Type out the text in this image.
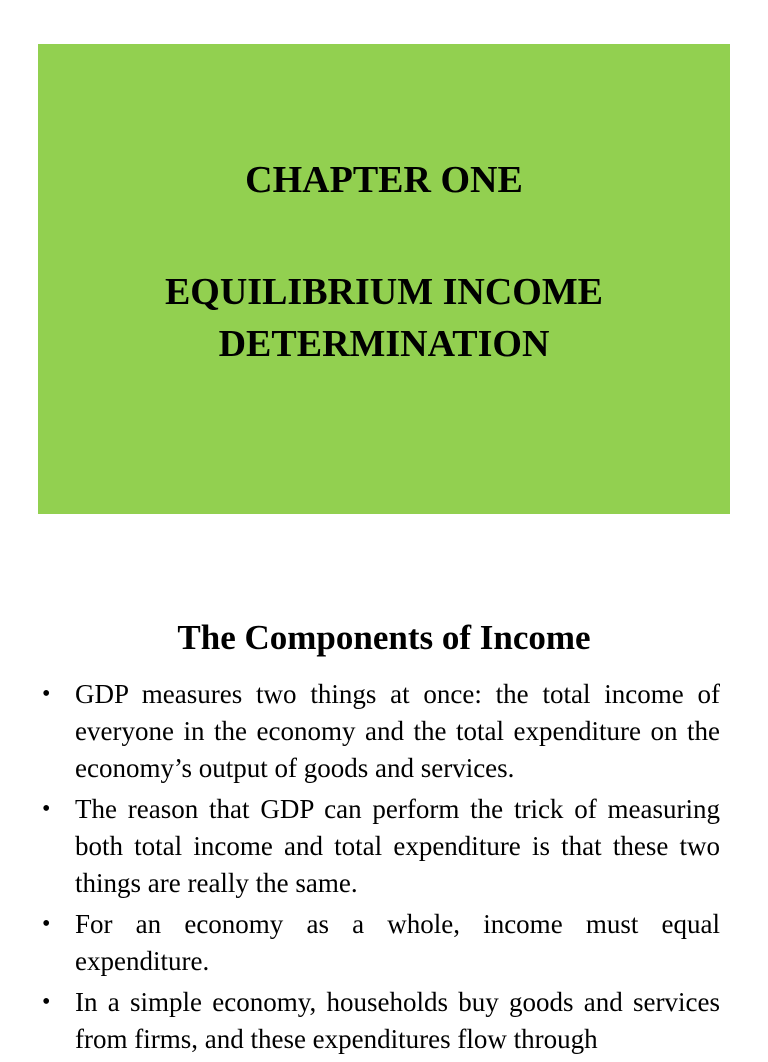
CHAPTER ONE
EQUILIBRIUM INCOME
DETERMINATION
The Components of Income
• GDP measures two things at once: the total income of everyone in the economy and the total expenditure on the economy’s output of goods and services.
• The reason that GDP can perform the trick of measuring both total income and total expenditure is that these two things are really the same.
• For an economy as a whole, income must equal expenditure.
• In a simple economy, households buy goods and services from firms, and these expenditures flow through
